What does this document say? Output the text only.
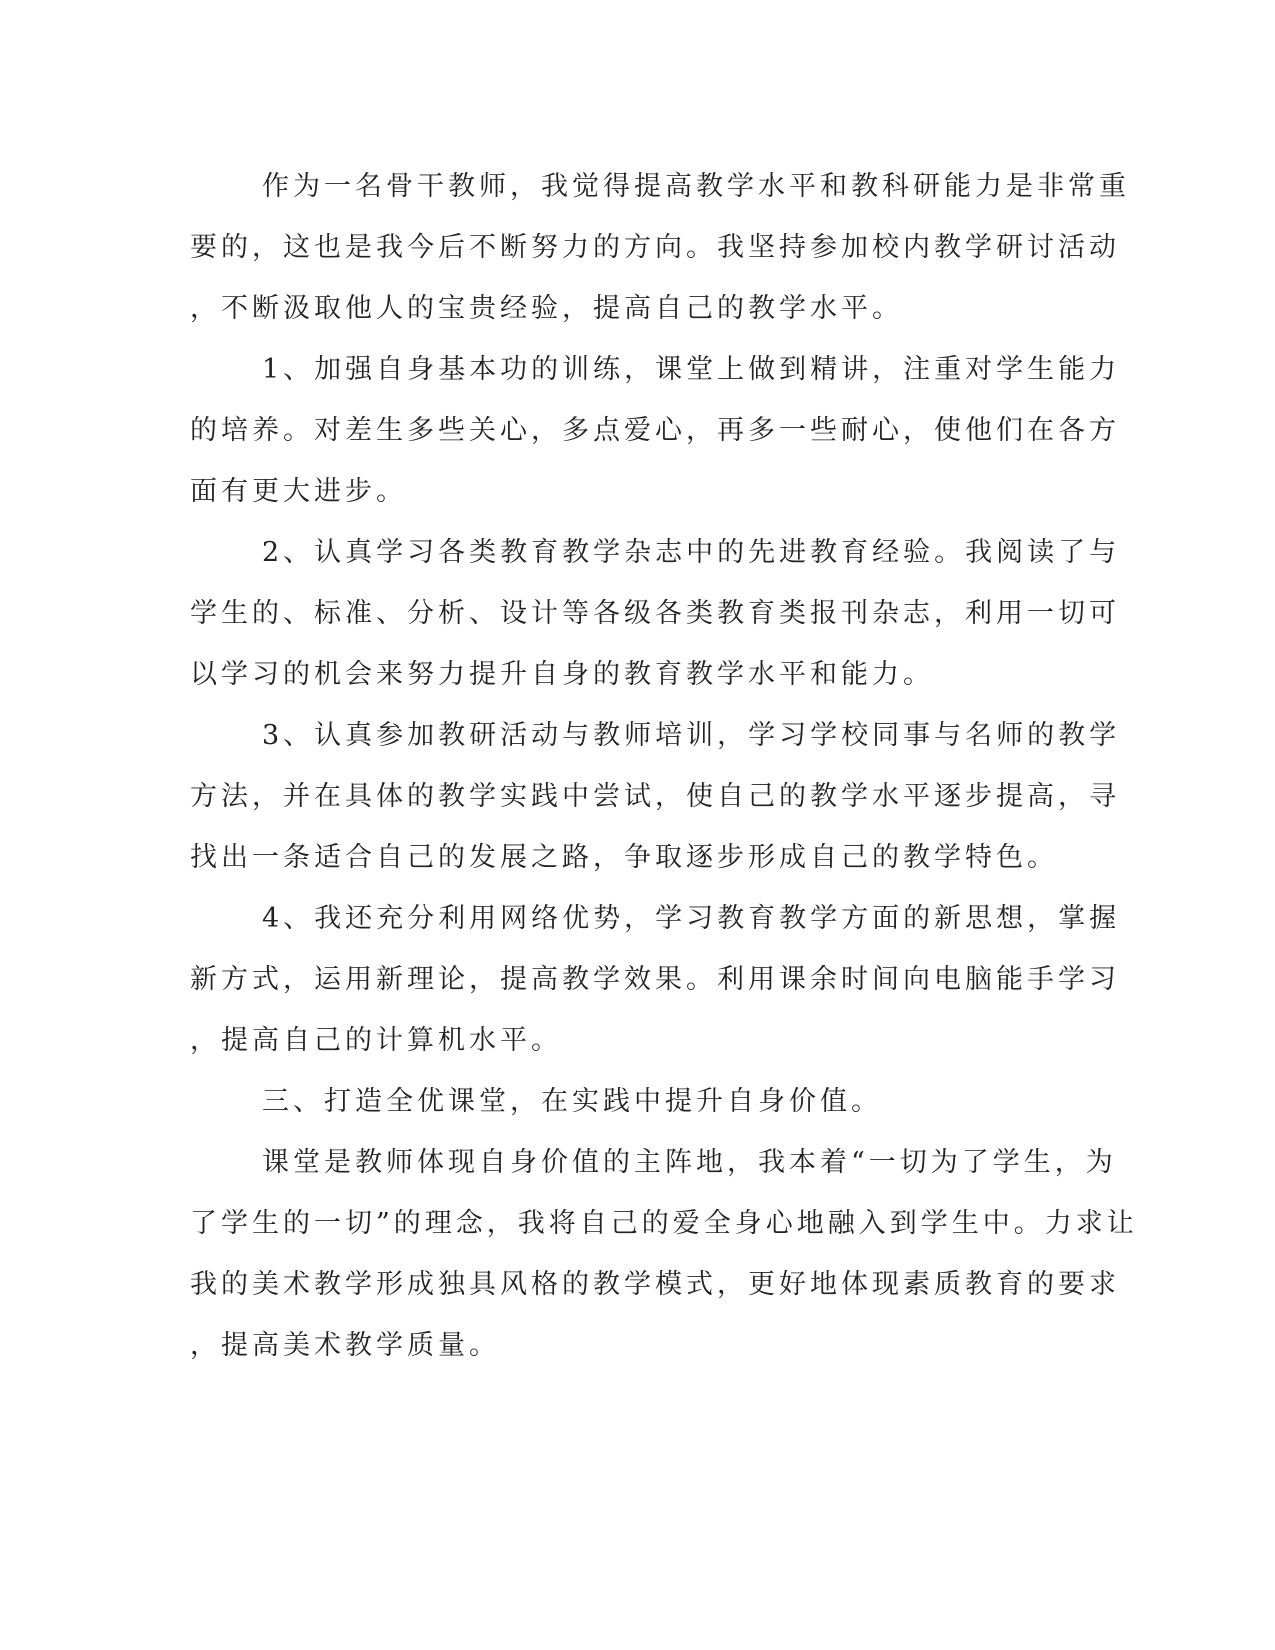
作为一名骨干教师，我觉得提高教学水平和教科研能力是非常重
要的，这也是我今后不断努力的方向。我坚持参加校内教学研讨活动
，不断汲取他人的宝贵经验，提高自己的教学水平。
1、加强自身基本功的训练，课堂上做到精讲，注重对学生能力
的培养。对差生多些关心，多点爱心，再多一些耐心，使他们在各方
面有更大进步。
2、认真学习各类教育教学杂志中的先进教育经验。我阅读了与
学生的、标准、分析、设计等各级各类教育类报刊杂志，利用一切可
以学习的机会来努力提升自身的教育教学水平和能力。
3、认真参加教研活动与教师培训，学习学校同事与名师的教学
方法，并在具体的教学实践中尝试，使自己的教学水平逐步提高，寻
找出一条适合自己的发展之路，争取逐步形成自己的教学特色。
4、我还充分利用网络优势，学习教育教学方面的新思想，掌握
新方式，运用新理论，提高教学效果。利用课余时间向电脑能手学习
，提高自己的计算机水平。
三、打造全优课堂，在实践中提升自身价值。
课堂是教师体现自身价值的主阵地，我本着“一切为了学生，为
了学生的一切”的理念，我将自己的爱全身心地融入到学生中。力求让
我的美术教学形成独具风格的教学模式，更好地体现素质教育的要求
，提高美术教学质量。
